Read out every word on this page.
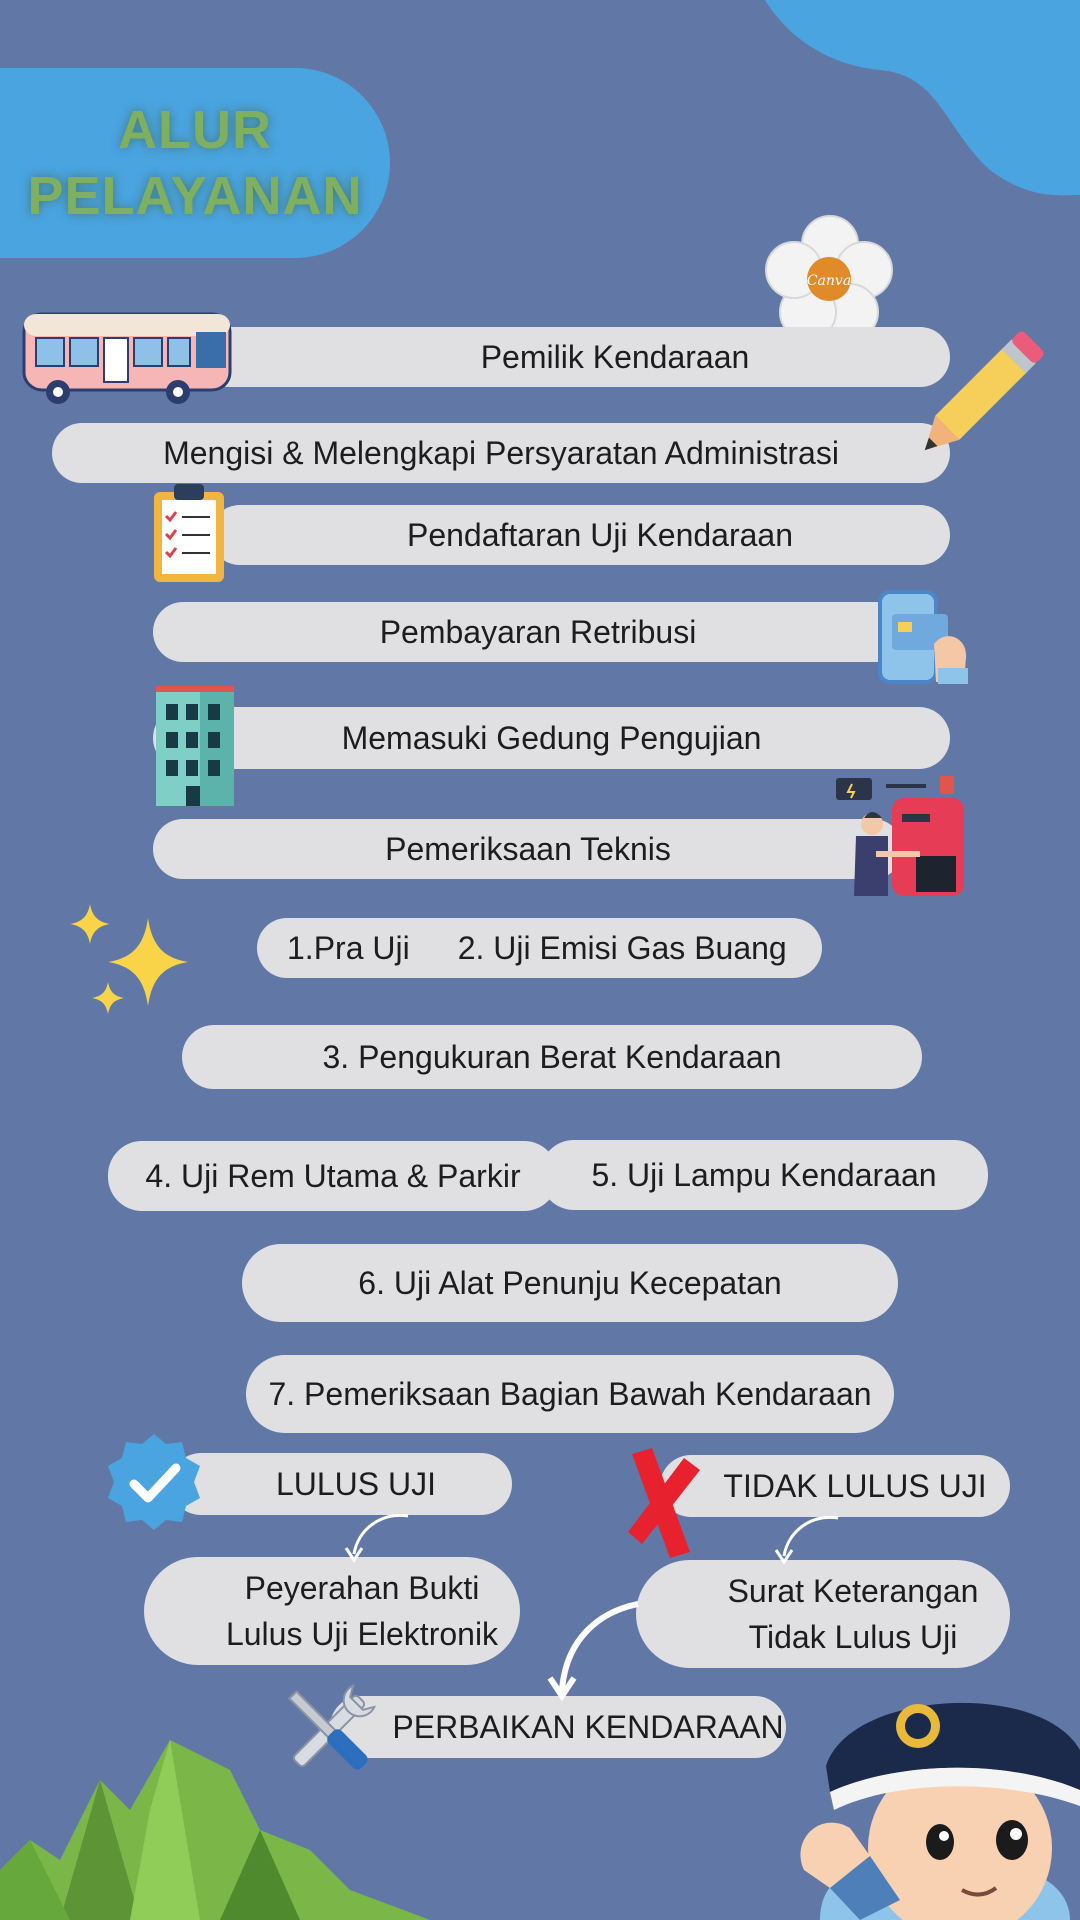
ALUR
PELAYANAN
Canva
Pemilik Kendaraan
Mengisi & Melengkapi Persyaratan Administrasi
Pendaftaran Uji Kendaraan
Pembayaran Retribusi
Memasuki Gedung Pengujian
Pemeriksaan Teknis
1.Pra Uji 2. Uji Emisi Gas Buang
3. Pengukuran Berat Kendaraan
4. Uji Rem Utama & Parkir 5. Uji Lampu Kendaraan
6. Uji Alat Penunju Kecepatan
7. Pemeriksaan Bagian Bawah Kendaraan
LULUS UJI	TIDAK LULUS UJI
Peyerahan Bukti
Lulus Uji Elektronik
Surat Keterangan
Tidak Lulus Uji
PERBAIKAN KENDARAAN
